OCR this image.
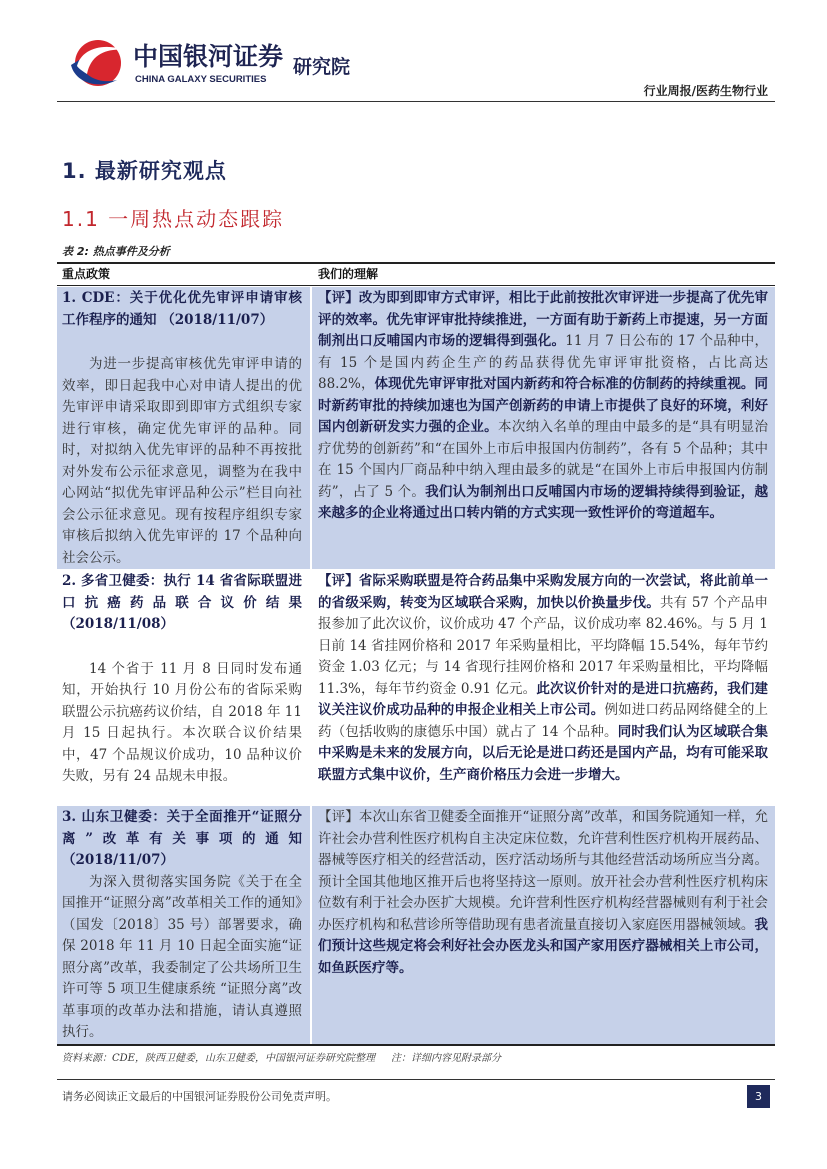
中国银河证券
CHINA GALAXY SECURITIES
研究院
行业周报/医药生物行业
1. 最新研究观点
1.1 一周热点动态跟踪
表 2: 热点事件及分析
重点政策	我们的理解

1. CDE：关于优化优先审评申请审核工作程序的通知 （2018/11/07）

为进一步提高审核优先审评申请的效率，即日起我中心对申请人提出的优先审评申请采取即到即审方式组织专家进行审核，确定优先审评的品种。同时，对拟纳入优先审评的品种不再按批对外发布公示征求意见，调整为在我中心网站“拟优先审评品种公示”栏目向社会公示征求意见。现有按程序组织专家审核后拟纳入优先审评的 17 个品种向社会公示。

【评】改为即到即审方式审评，相比于此前按批次审评进一步提高了优先审评的效率。优先审评审批持续推进，一方面有助于新药上市提速，另一方面制剂出口反哺国内市场的逻辑得到强化。11 月 7 日公布的 17 个品种中，有 15 个是国内药企生产的药品获得优先审评审批资格，占比高达 88.2%，体现优先审评审批对国内新药和符合标准的仿制药的持续重视。同时新药审批的持续加速也为国产创新药的申请上市提供了良好的环境，利好国内创新研发实力强的企业。本次纳入名单的理由中最多的是“具有明显治疗优势的创新药”和“在国外上市后申报国内仿制药”，各有 5 个品种；其中在 15 个国内厂商品种中纳入理由最多的就是“在国外上市后申报国内仿制药”，占了 5 个。我们认为制剂出口反哺国内市场的逻辑持续得到验证，越来越多的企业将通过出口转内销的方式实现一致性评价的弯道超车。

2. 多省卫健委：执行 14 省省际联盟进口抗癌药品联合议价结果（2018/11/08）

14 个省于 11 月 8 日同时发布通知，开始执行 10 月份公布的省际采购联盟公示抗癌药议价结，自 2018 年 11 月 15 日起执行。本次联合议价结果中，47 个品规议价成功，10 品种议价失败，另有 24 品规未申报。

【评】省际采购联盟是符合药品集中采购发展方向的一次尝试，将此前单一的省级采购，转变为区域联合采购，加快以价换量步伐。共有 57 个产品申报参加了此次议价，议价成功 47 个产品，议价成功率 82.46%。与 5 月 1 日前 14 省挂网价格和 2017 年采购量相比，平均降幅 15.54%，每年节约资金 1.03 亿元；与 14 省现行挂网价格和 2017 年采购量相比，平均降幅 11.3%，每年节约资金 0.91 亿元。此次议价针对的是进口抗癌药，我们建议关注议价成功品种的申报企业相关上市公司。例如进口药品网络健全的上药（包括收购的康德乐中国）就占了 14 个品种。同时我们认为区域联合集中采购是未来的发展方向，以后无论是进口药还是国内产品，均有可能采取联盟方式集中议价，生产商价格压力会进一步增大。

3. 山东卫健委：关于全面推开“证照分离”改革有关事项的通知（2018/11/07）

为深入贯彻落实国务院《关于在全国推开“证照分离”改革相关工作的通知》（国发〔2018〕35 号）部署要求，确保 2018 年 11 月 10 日起全面实施“证照分离”改革，我委制定了公共场所卫生许可等 5 项卫生健康系统 “证照分离”改革事项的改革办法和措施，请认真遵照执行。

【评】本次山东省卫健委全面推开“证照分离”改革，和国务院通知一样，允许社会办营利性医疗机构自主决定床位数，允许营利性医疗机构开展药品、器械等医疗相关的经营活动，医疗活动场所与其他经营活动场所应当分离。预计全国其他地区推开后也将坚持这一原则。放开社会办营利性医疗机构床位数有利于社会办医扩大规模。允许营利性医疗机构经营器械则有利于社会办医疗机构和私营诊所等借助现有患者流量直接切入家庭医用器械领域。我们预计这些规定将会利好社会办医龙头和国产家用医疗器械相关上市公司，如鱼跃医疗等。

资料来源：CDE，陕西卫健委，山东卫健委，中国银河证券研究院整理 注：详细内容见附录部分
请务必阅读正文最后的中国银河证券股份公司免责声明。	3
